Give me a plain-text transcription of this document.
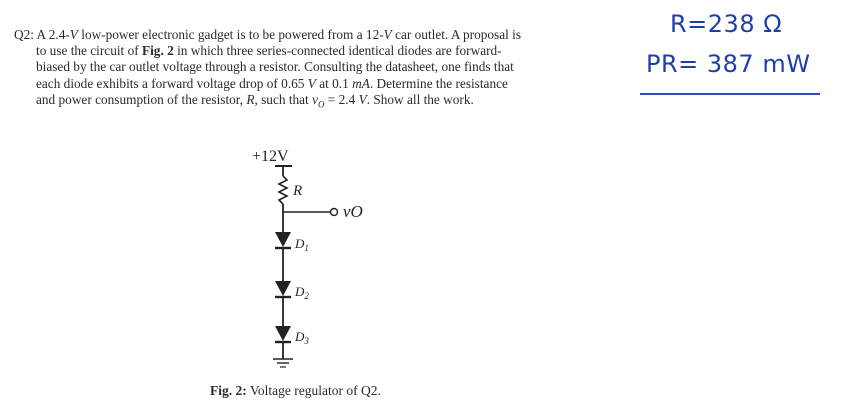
Q2: A 2.4-V low-power electronic gadget is to be powered from a 12-V car outlet. A proposal is
to use the circuit of Fig. 2 in which three series-connected identical diodes are forward-
biased by the car outlet voltage through a resistor. Consulting the datasheet, one finds that
each diode exhibits a forward voltage drop of 0.65 V at 0.1 mA. Determine the resistance
and power consumption of the resistor, R, such that $v_O = 2.4$ V. Show all the work.
R=238 Ω
PR= 387 mW
+12V
R
vO
$D_1$
$D_2$
$D_3$
Fig. 2: Voltage regulator of Q2.
